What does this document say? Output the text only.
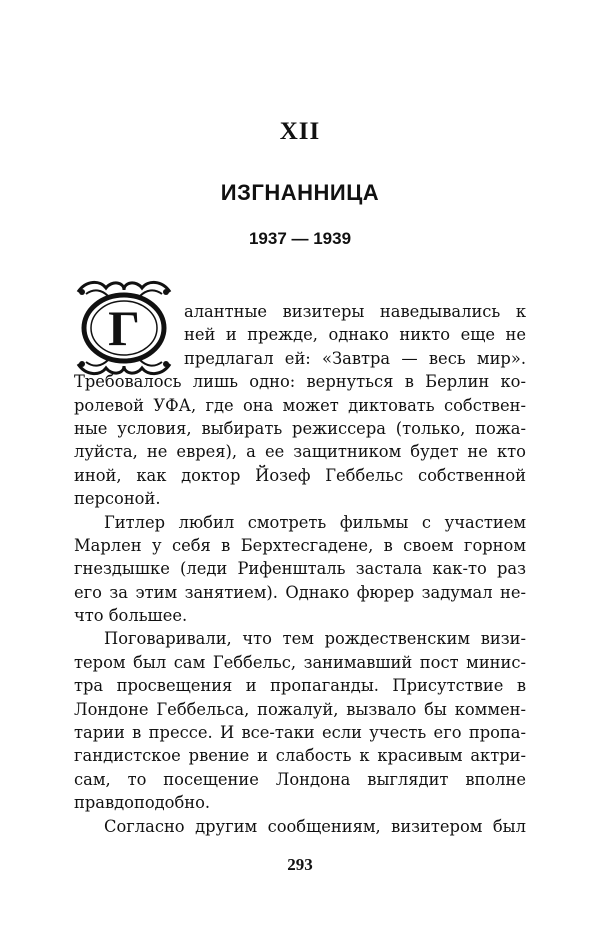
XII
ИЗГНАННИЦА
1937 — 1939
Г	алантные визитеры наведывались к
ней и прежде, однако никто еще не
предлагал ей: «Завтра — весь мир».
Требовалось лишь одно: вернуться в Берлин ко-
ролевой УФА, где она может диктовать собствен-
ные условия, выбирать режиссера (только, пожа-
луйста, не еврея), а ее защитником будет не кто
иной, как доктор Йозеф Геббельс собственной
персоной.
Гитлер любил смотреть фильмы с участием
Марлен у себя в Берхтесгадене, в своем горном
гнездышке (леди Рифеншталь застала как-то раз
его за этим занятием). Однако фюрер задумал не-
что большее.
Поговаривали, что тем рождественским визи-
тером был сам Геббельс, занимавший пост минис-
тра просвещения и пропаганды. Присутствие в
Лондоне Геббельса, пожалуй, вызвало бы коммен-
тарии в прессе. И все-таки если учесть его пропа-
гандистское рвение и слабость к красивым актри-
сам, то посещение Лондона выглядит вполне
правдоподобно.
Согласно другим сообщениям, визитером был
293
